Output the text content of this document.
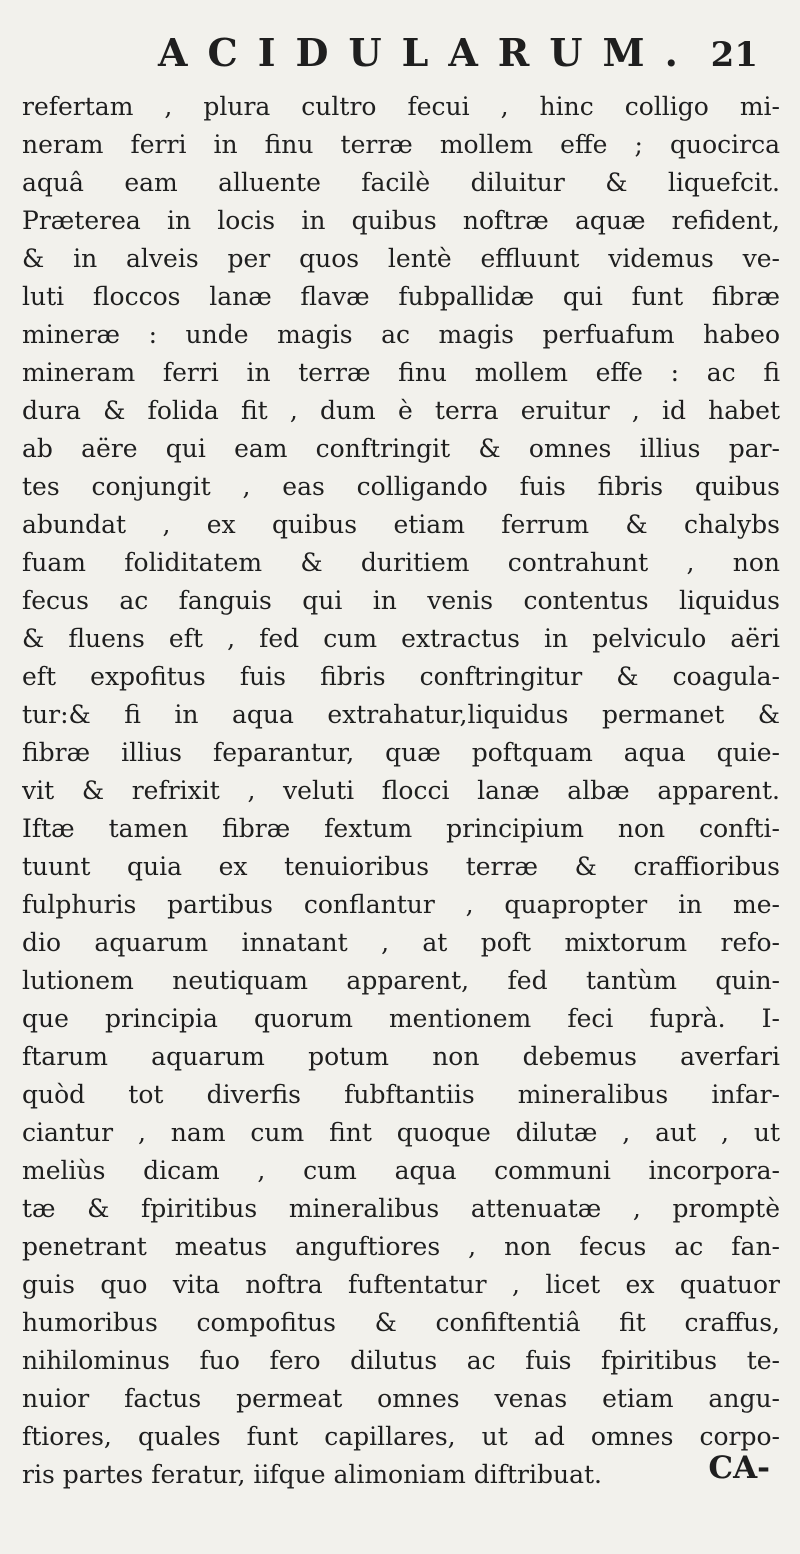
ACIDULARUM. 21
refertam , plura cultro fecui , hinc colligo mi-
neram ferri in finu terræ mollem effe ; quocirca
aquâ eam alluente facilè diluitur & liquefcit.
Præterea in locis in quibus noftræ aquæ refident,
& in alveis per quos lentè effluunt videmus ve-
luti floccos lanæ flavæ fubpallidæ qui funt fibræ
mineræ : unde magis ac magis perfuafum habeo
mineram ferri in terræ finu mollem effe : ac fi
dura & folida fit , dum è terra eruitur , id habet
ab aëre qui eam conftringit & omnes illius par-
tes conjungit , eas colligando fuis fibris quibus
abundat , ex quibus etiam ferrum & chalybs
fuam foliditatem & duritiem contrahunt , non
fecus ac fanguis qui in venis contentus liquidus
& fluens eft , fed cum extractus in pelviculo aëri
eft expofitus fuis fibris conftringitur & coagula-
tur:& fi in aqua extrahatur,liquidus permanet &
fibræ illius feparantur, quæ poftquam aqua quie-
vit & refrixit , veluti flocci lanæ albæ apparent.
Iftæ tamen fibræ fextum principium non confti-
tuunt quia ex tenuioribus terræ & craffioribus
fulphuris partibus conflantur , quapropter in me-
dio aquarum innatant , at poft mixtorum refo-
lutionem neutiquam apparent, fed tantùm quin-
que principia quorum mentionem feci fuprà. I-
ftarum aquarum potum non debemus averfari
quòd tot diverfis fubftantiis mineralibus infar-
ciantur , nam cum fint quoque dilutæ , aut , ut
meliùs dicam , cum aqua communi incorpora-
tæ & fpiritibus mineralibus attenuatæ , promptè
penetrant meatus anguftiores , non fecus ac fan-
guis quo vita noftra fuftentatur , licet ex quatuor
humoribus compofitus & confiftentiâ fit craffus,
nihilominus fuo fero dilutus ac fuis fpiritibus te-
nuior factus permeat omnes venas etiam angu-
ftiores, quales funt capillares, ut ad omnes corpo-
ris partes feratur, iifque alimoniam diftribuat.	CA-
